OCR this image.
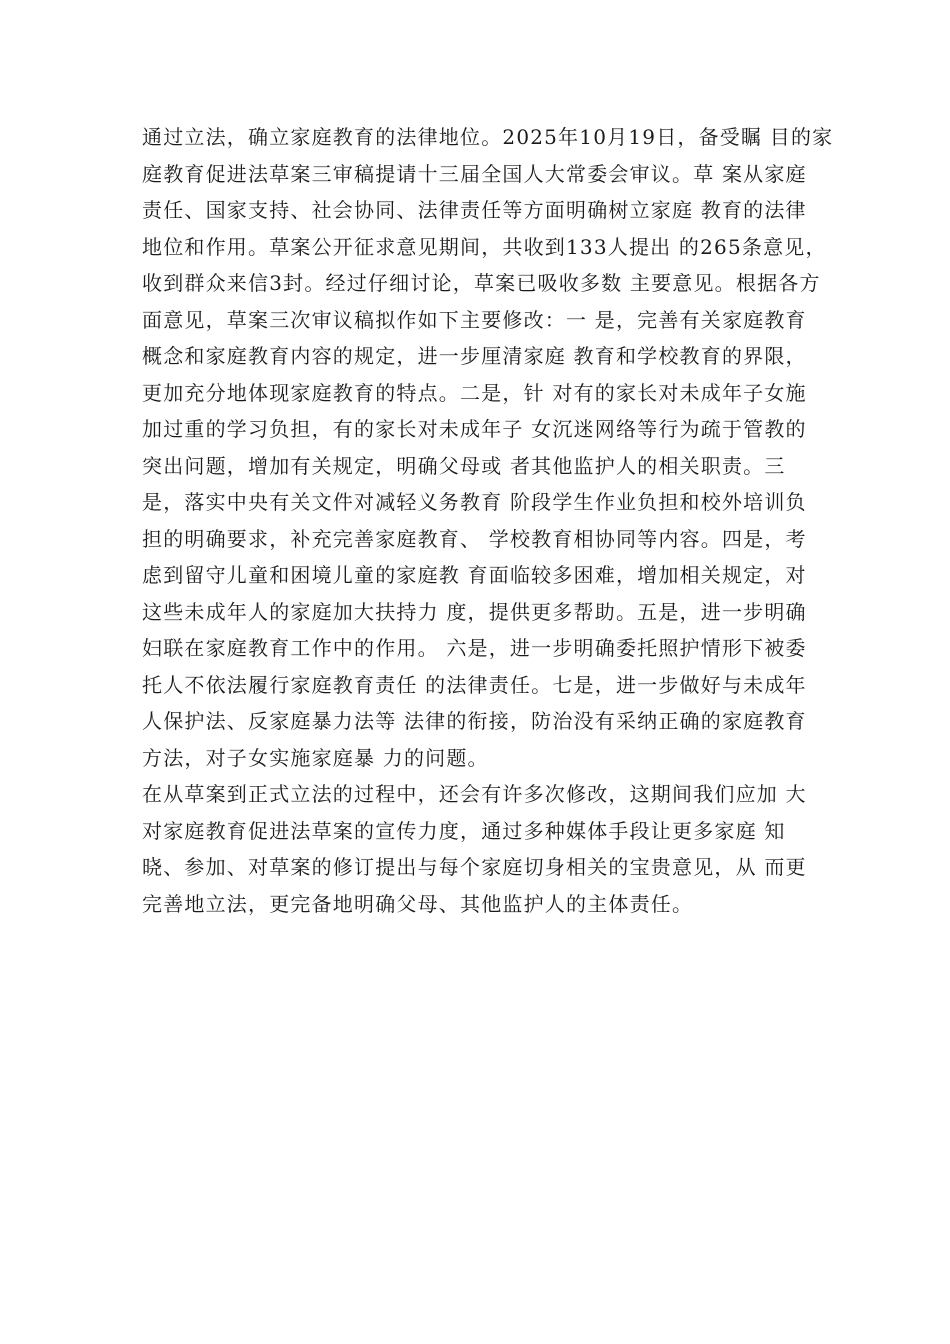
通过立法，确立家庭教育的法律地位。2025年10月19日，备受瞩 目的家
庭教育促进法草案三审稿提请十三届全国人大常委会审议。草 案从家庭
责任、国家支持、社会协同、法律责任等方面明确树立家庭 教育的法律
地位和作用。草案公开征求意见期间，共收到133人提出 的265条意见，
收到群众来信3封。经过仔细讨论，草案已吸收多数 主要意见。根据各方
面意见，草案三次审议稿拟作如下主要修改：一 是，完善有关家庭教育
概念和家庭教育内容的规定，进一步厘清家庭 教育和学校教育的界限，
更加充分地体现家庭教育的特点。二是，针 对有的家长对未成年子女施
加过重的学习负担，有的家长对未成年子 女沉迷网络等行为疏于管教的
突出问题，增加有关规定，明确父母或 者其他监护人的相关职责。三
是，落实中央有关文件对减轻义务教育 阶段学生作业负担和校外培训负
担的明确要求，补充完善家庭教育、 学校教育相协同等内容。四是，考
虑到留守儿童和困境儿童的家庭教 育面临较多困难，增加相关规定，对
这些未成年人的家庭加大扶持力 度，提供更多帮助。五是，进一步明确
妇联在家庭教育工作中的作用。 六是，进一步明确委托照护情形下被委
托人不依法履行家庭教育责任 的法律责任。七是，进一步做好与未成年
人保护法、反家庭暴力法等 法律的衔接，防治没有采纳正确的家庭教育
方法，对子女实施家庭暴 力的问题。
在从草案到正式立法的过程中，还会有许多次修改，这期间我们应加 大
对家庭教育促进法草案的宣传力度，通过多种媒体手段让更多家庭 知
晓、参加、对草案的修订提出与每个家庭切身相关的宝贵意见，从 而更
完善地立法，更完备地明确父母、其他监护人的主体责任。
